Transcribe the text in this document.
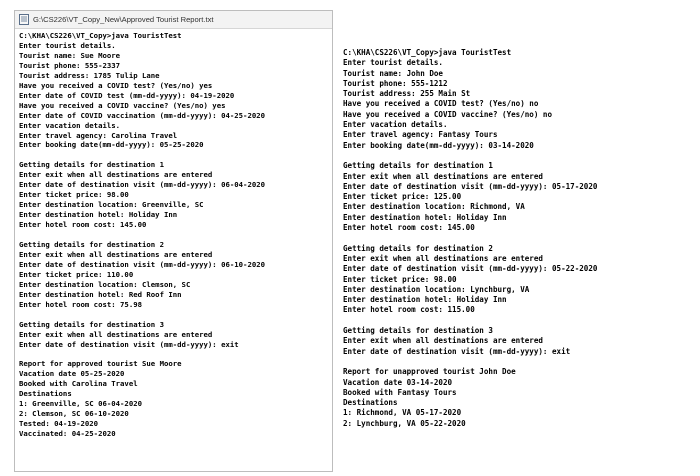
G:\CS226\VT_Copy_New\Approved Tourist Report.txt
C:\KHA\CS226\VT_Copy>java TouristTest
Enter tourist details.
Tourist name: Sue Moore
Tourist phone: 555-2337
Tourist address: 1785 Tulip Lane
Have you received a COVID test? (Yes/no) yes
Enter date of COVID test (mm-dd-yyyy): 04-19-2020
Have you received a COVID vaccine? (Yes/no) yes
Enter date of COVID vaccination (mm-dd-yyyy): 04-25-2020
Enter vacation details.
Enter travel agency: Carolina Travel
Enter booking date(mm-dd-yyyy): 05-25-2020

Getting details for destination 1
Enter exit when all destinations are entered
Enter date of destination visit (mm-dd-yyyy): 06-04-2020
Enter ticket price: 98.00
Enter destination location: Greenville, SC
Enter destination hotel: Holiday Inn
Enter hotel room cost: 145.00

Getting details for destination 2
Enter exit when all destinations are entered
Enter date of destination visit (mm-dd-yyyy): 06-10-2020
Enter ticket price: 110.00
Enter destination location: Clemson, SC
Enter destination hotel: Red Roof Inn
Enter hotel room cost: 75.98

Getting details for destination 3
Enter exit when all destinations are entered
Enter date of destination visit (mm-dd-yyyy): exit

Report for approved tourist Sue Moore
Vacation date 05-25-2020
Booked with Carolina Travel
Destinations
1: Greenville, SC 06-04-2020
2: Clemson, SC 06-10-2020
Tested: 04-19-2020
Vaccinated: 04-25-2020
C:\KHA\CS226\VT_Copy>java TouristTest
Enter tourist details.
Tourist name: John Doe
Tourist phone: 555-1212
Tourist address: 255 Main St
Have you received a COVID test? (Yes/no) no
Have you received a COVID vaccine? (Yes/no) no
Enter vacation details.
Enter travel agency: Fantasy Tours
Enter booking date(mm-dd-yyyy): 03-14-2020

Getting details for destination 1
Enter exit when all destinations are entered
Enter date of destination visit (mm-dd-yyyy): 05-17-2020
Enter ticket price: 125.00
Enter destination location: Richmond, VA
Enter destination hotel: Holiday Inn
Enter hotel room cost: 145.00

Getting details for destination 2
Enter exit when all destinations are entered
Enter date of destination visit (mm-dd-yyyy): 05-22-2020
Enter ticket price: 98.00
Enter destination location: Lynchburg, VA
Enter destination hotel: Holiday Inn
Enter hotel room cost: 115.00

Getting details for destination 3
Enter exit when all destinations are entered
Enter date of destination visit (mm-dd-yyyy): exit

Report for unapproved tourist John Doe
Vacation date 03-14-2020
Booked with Fantasy Tours
Destinations
1: Richmond, VA 05-17-2020
2: Lynchburg, VA 05-22-2020
